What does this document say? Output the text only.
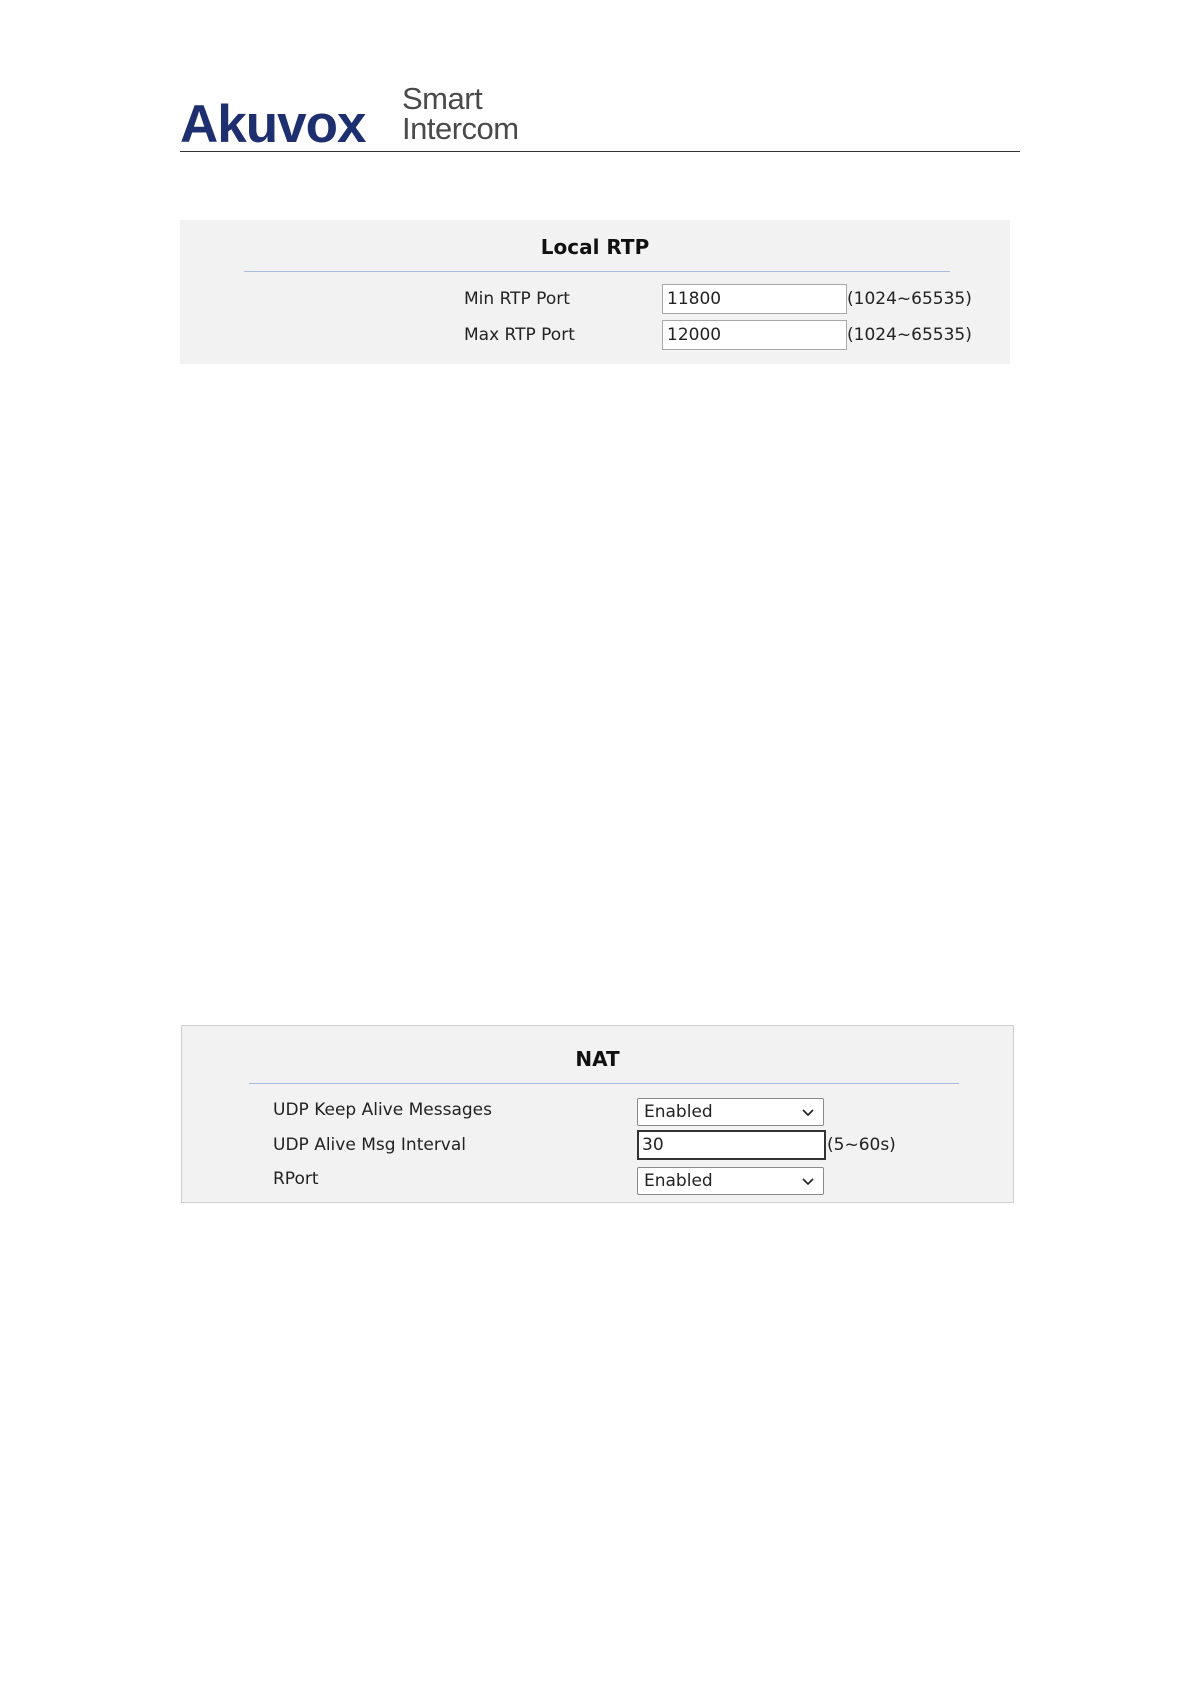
Akuvox Smart
Intercom
Local RTP
Min RTP Port	11800	(1024~65535)
Max RTP Port	12000	(1024~65535)
NAT
UDP Keep Alive Messages	Enabled
UDP Alive Msg Interval	30	(5~60s)
RPort	Enabled
